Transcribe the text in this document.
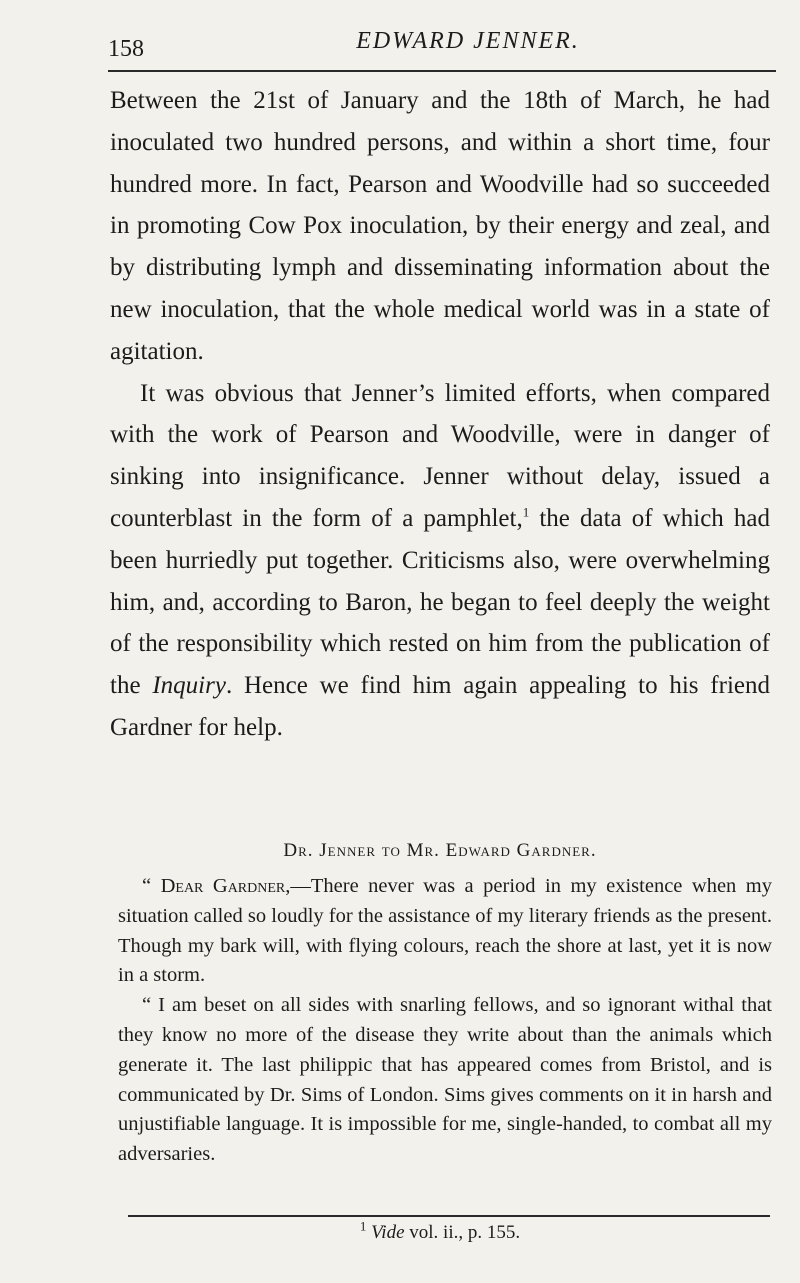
158	EDWARD JENNER.

Between the 21st of January and the 18th of March, he had inoculated two hundred persons, and within a short time, four hundred more. In fact, Pearson and Woodville had so succeeded in promoting Cow Pox inoculation, by their energy and zeal, and by distributing lymph and disseminating information about the new inoculation, that the whole medical world was in a state of agitation.

It was obvious that Jenner’s limited efforts, when compared with the work of Pearson and Woodville, were in danger of sinking into insignificance. Jenner without delay, issued a counterblast in the form of a pamphlet,$^1$ the data of which had been hurriedly put together. Criticisms also, were overwhelming him, and, according to Baron, he began to feel deeply the weight of the responsibility which rested on him from the publication of the Inquiry. Hence we find him again appealing to his friend Gardner for help.

Dr. Jenner to Mr. Edward Gardner.

“ Dear Gardner,—There never was a period in my existence when my situation called so loudly for the assistance of my literary friends as the present. Though my bark will, with flying colours, reach the shore at last, yet it is now in a storm.

“ I am beset on all sides with snarling fellows, and so ignorant withal that they know no more of the disease they write about than the animals which generate it. The last philippic that has appeared comes from Bristol, and is communicated by Dr. Sims of London. Sims gives comments on it in harsh and unjustifiable language. It is impossible for me, single-handed, to combat all my adversaries.

$^1$ Vide vol. ii., p. 155.
